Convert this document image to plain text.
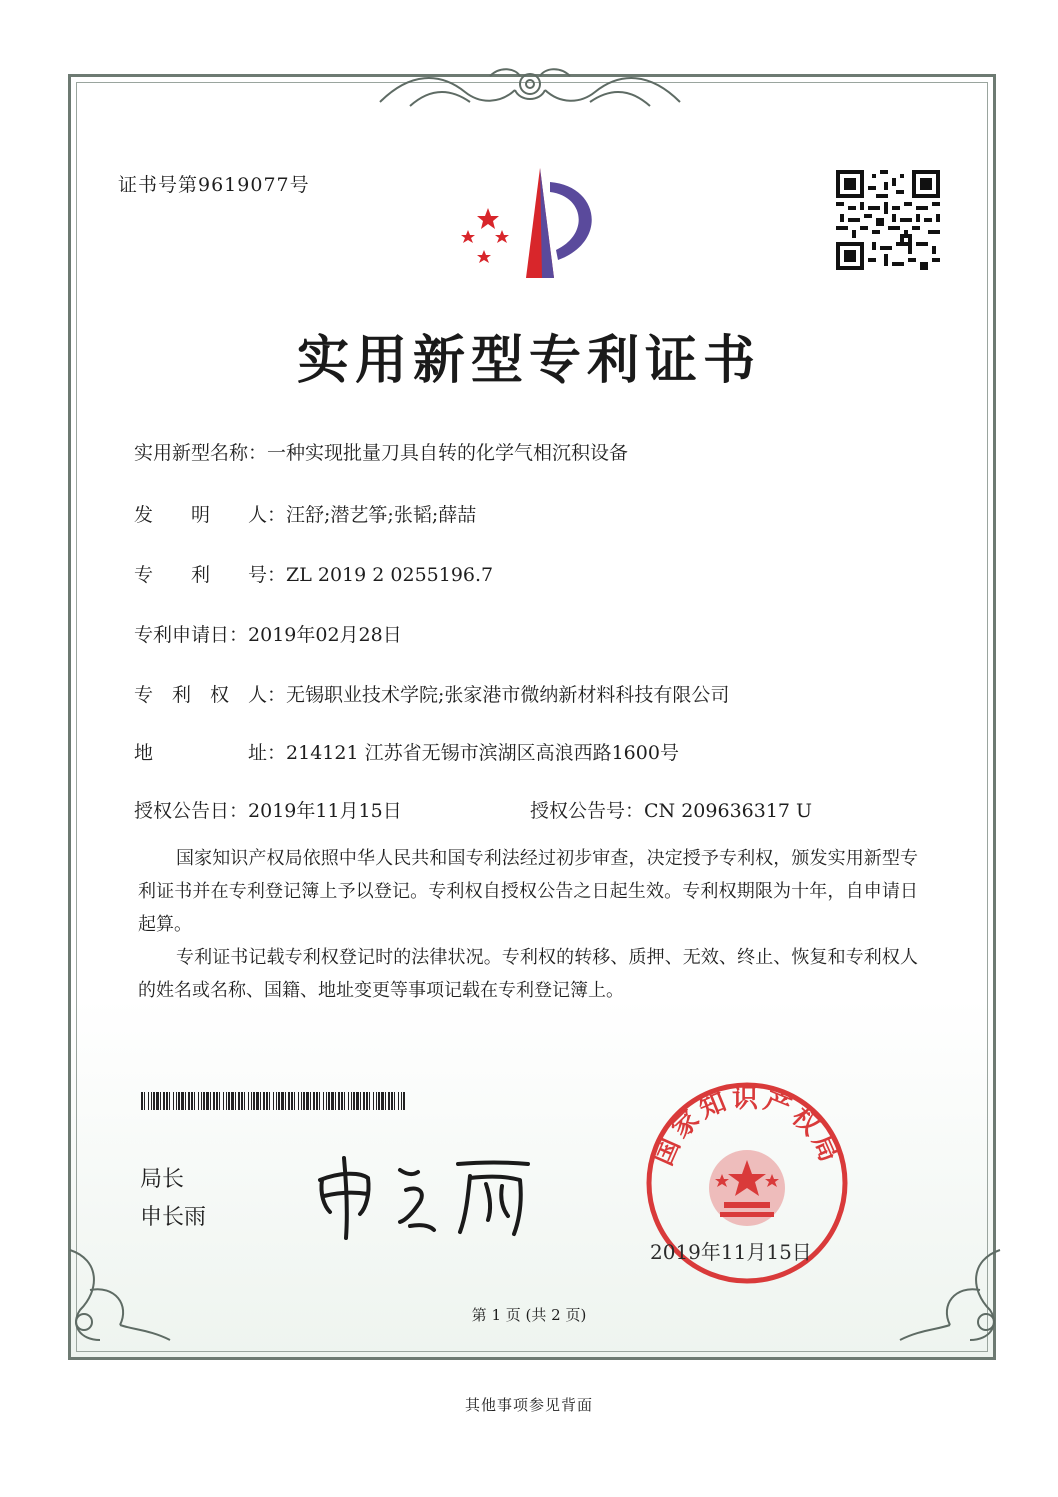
证书号第9619077号
实用新型专利证书
实用新型名称：一种实现批量刀具自转的化学气相沉积设备
发　　明　　人：汪舒;潜艺筝;张韬;薛喆
专　　利　　号：ZL 2019 2 0255196.7
专利申请日：2019年02月28日
专　利　权　人：无锡职业技术学院;张家港市微纳新材料科技有限公司
地　　　　　址：214121 江苏省无锡市滨湖区高浪西路1600号
授权公告日：2019年11月15日	授权公告号：CN 209636317 U

国家知识产权局依照中华人民共和国专利法经过初步审查，决定授予专利权，颁发实用新型专利证书并在专利登记簿上予以登记。专利权自授权公告之日起生效。专利权期限为十年，自申请日起算。

专利证书记载专利权登记时的法律状况。专利权的转移、质押、无效、终止、恢复和专利权人的姓名或名称、国籍、地址变更等事项记载在专利登记簿上。

局长
申长雨
国家知识产权局
2019年11月15日
第 1 页 (共 2 页)
其他事项参见背面
